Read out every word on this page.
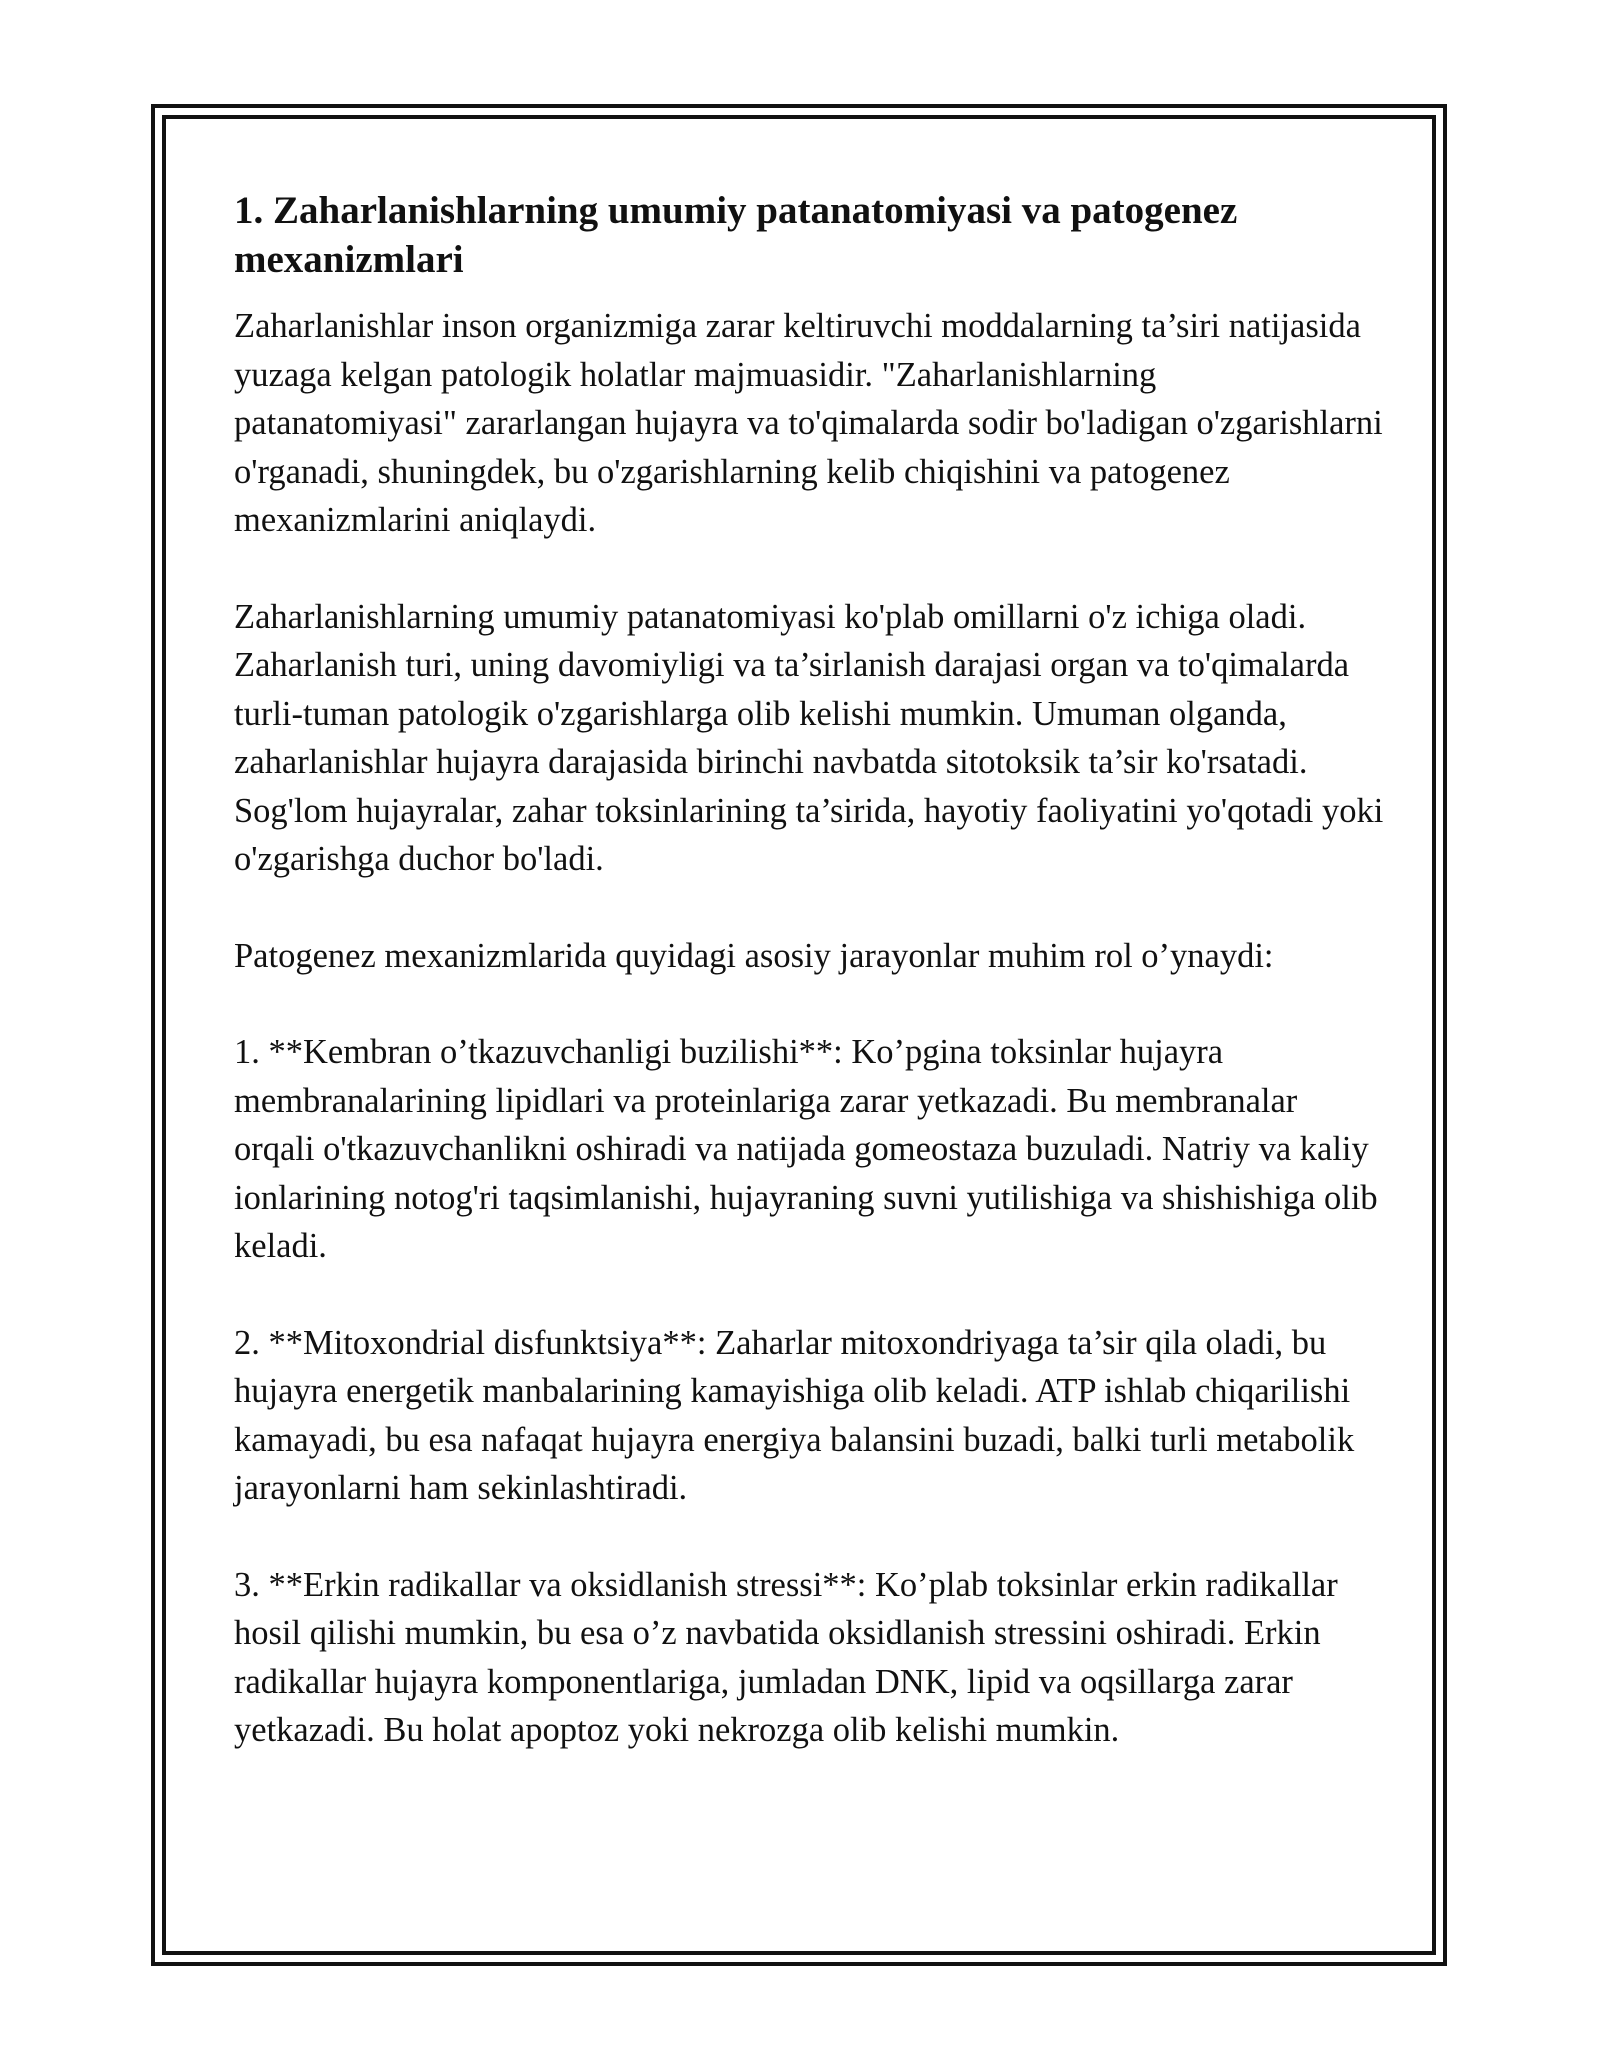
1. Zaharlanishlarning umumiy patanatomiyasi va patogenez mexanizmlari

Zaharlanishlar inson organizmiga zarar keltiruvchi moddalarning ta’siri natijasida yuzaga kelgan patologik holatlar majmuasidir. "Zaharlanishlarning patanatomiyasi" zararlangan hujayra va to'qimalarda sodir bo'ladigan o'zgarishlarni o'rganadi, shuningdek, bu o'zgarishlarning kelib chiqishini va patogenez mexanizmlarini aniqlaydi.

Zaharlanishlarning umumiy patanatomiyasi ko'plab omillarni o'z ichiga oladi. Zaharlanish turi, uning davomiyligi va ta’sirlanish darajasi organ va to'qimalarda turli-tuman patologik o'zgarishlarga olib kelishi mumkin. Umuman olganda, zaharlanishlar hujayra darajasida birinchi navbatda sitotoksik ta’sir ko'rsatadi. Sog'lom hujayralar, zahar toksinlarining ta’sirida, hayotiy faoliyatini yo'qotadi yoki o'zgarishga duchor bo'ladi.

Patogenez mexanizmlarida quyidagi asosiy jarayonlar muhim rol o’ynaydi:

1. **Kembran o’tkazuvchanligi buzilishi**: Ko’pgina toksinlar hujayra membranalarining lipidlari va proteinlariga zarar yetkazadi. Bu membranalar orqali o'tkazuvchanlikni oshiradi va natijada gomeostaza buzuladi. Natriy va kaliy ionlarining notog'ri taqsimlanishi, hujayraning suvni yutilishiga va shishishiga olib keladi.

2. **Mitoxondrial disfunktsiya**: Zaharlar mitoxondriyaga ta’sir qila oladi, bu hujayra energetik manbalarining kamayishiga olib keladi. ATP ishlab chiqarilishi kamayadi, bu esa nafaqat hujayra energiya balansini buzadi, balki turli metabolik jarayonlarni ham sekinlashtiradi.

3. **Erkin radikallar va oksidlanish stressi**: Ko’plab toksinlar erkin radikallar hosil qilishi mumkin, bu esa o’z navbatida oksidlanish stressini oshiradi. Erkin radikallar hujayra komponentlariga, jumladan DNK, lipid va oqsillarga zarar yetkazadi. Bu holat apoptoz yoki nekrozga olib kelishi mumkin.
